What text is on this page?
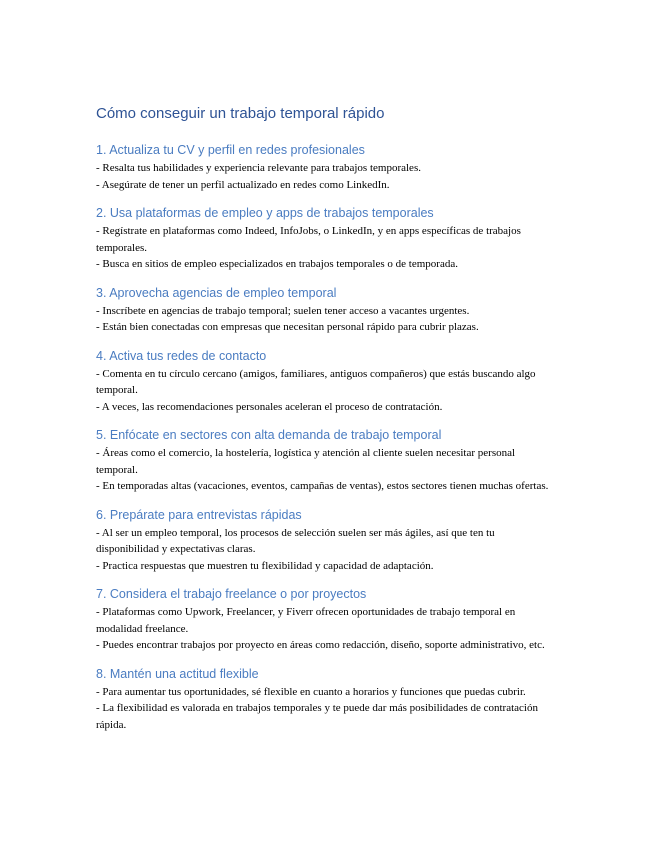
Cómo conseguir un trabajo temporal rápido
1. Actualiza tu CV y perfil en redes profesionales

- Resalta tus habilidades y experiencia relevante para trabajos temporales.

- Asegúrate de tener un perfil actualizado en redes como LinkedIn.

2. Usa plataformas de empleo y apps de trabajos temporales

- Regístrate en plataformas como Indeed, InfoJobs, o LinkedIn, y en apps específicas de trabajos temporales.

- Busca en sitios de empleo especializados en trabajos temporales o de temporada.

3. Aprovecha agencias de empleo temporal

- Inscríbete en agencias de trabajo temporal; suelen tener acceso a vacantes urgentes.

- Están bien conectadas con empresas que necesitan personal rápido para cubrir plazas.

4. Activa tus redes de contacto

- Comenta en tu círculo cercano (amigos, familiares, antiguos compañeros) que estás buscando algo temporal.

- A veces, las recomendaciones personales aceleran el proceso de contratación.

5. Enfócate en sectores con alta demanda de trabajo temporal

- Áreas como el comercio, la hostelería, logística y atención al cliente suelen necesitar personal temporal.

- En temporadas altas (vacaciones, eventos, campañas de ventas), estos sectores tienen muchas ofertas.

6. Prepárate para entrevistas rápidas

- Al ser un empleo temporal, los procesos de selección suelen ser más ágiles, así que ten tu disponibilidad y expectativas claras.

- Practica respuestas que muestren tu flexibilidad y capacidad de adaptación.

7. Considera el trabajo freelance o por proyectos

- Plataformas como Upwork, Freelancer, y Fiverr ofrecen oportunidades de trabajo temporal en modalidad freelance.

- Puedes encontrar trabajos por proyecto en áreas como redacción, diseño, soporte administrativo, etc.

8. Mantén una actitud flexible

- Para aumentar tus oportunidades, sé flexible en cuanto a horarios y funciones que puedas cubrir.

- La flexibilidad es valorada en trabajos temporales y te puede dar más posibilidades de contratación rápida.
